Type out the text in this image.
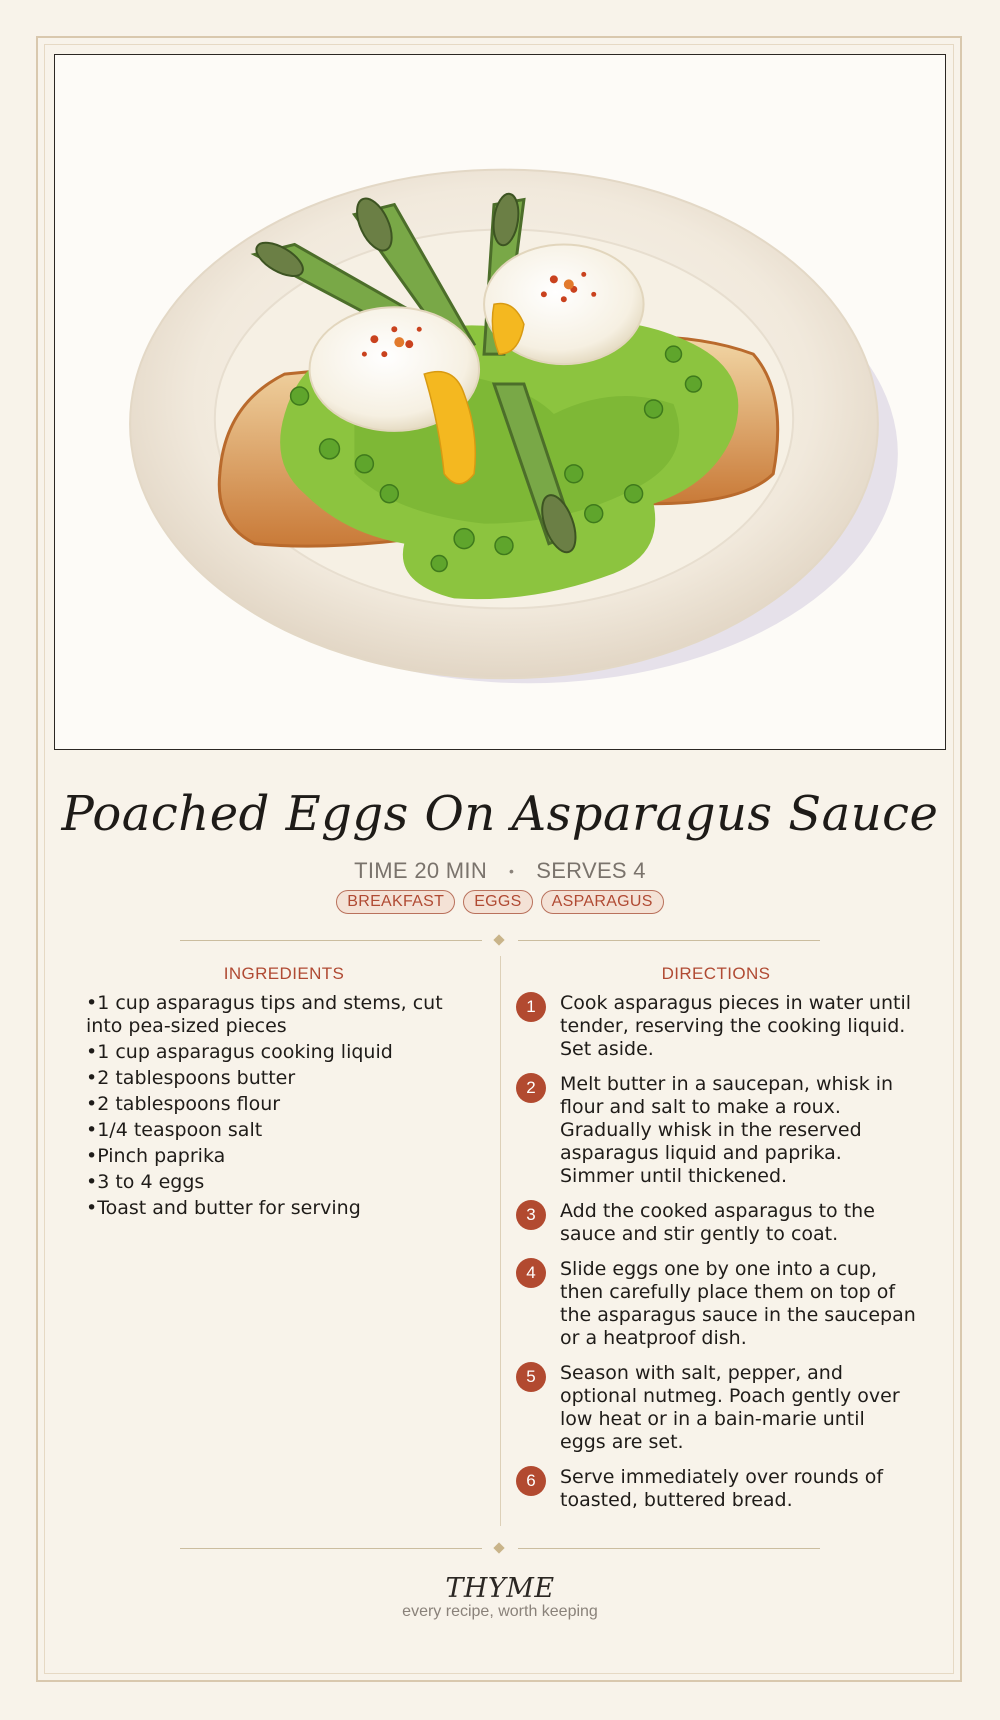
Poached Eggs On Asparagus Sauce
TIME 20 MIN • SERVES 4
BREAKFAST	EGGS	ASPARAGUS
INGREDIENTS
• 1 cup asparagus tips and stems, cut into pea-sized pieces
• 1 cup asparagus cooking liquid
• 2 tablespoons butter
• 2 tablespoons flour
• 1/4 teaspoon salt
• Pinch paprika
• 3 to 4 eggs
• Toast and butter for serving
DIRECTIONS
1	Cook asparagus pieces in water until tender, reserving the cooking liquid. Set aside.
2	Melt butter in a saucepan, whisk in flour and salt to make a roux. Gradually whisk in the reserved asparagus liquid and paprika. Simmer until thickened.
3	Add the cooked asparagus to the sauce and stir gently to coat.
4	Slide eggs one by one into a cup, then carefully place them on top of the asparagus sauce in the saucepan or a heatproof dish.
5	Season with salt, pepper, and optional nutmeg. Poach gently over low heat or in a bain-marie until eggs are set.
6	Serve immediately over rounds of toasted, buttered bread.
THYME
every recipe, worth keeping
